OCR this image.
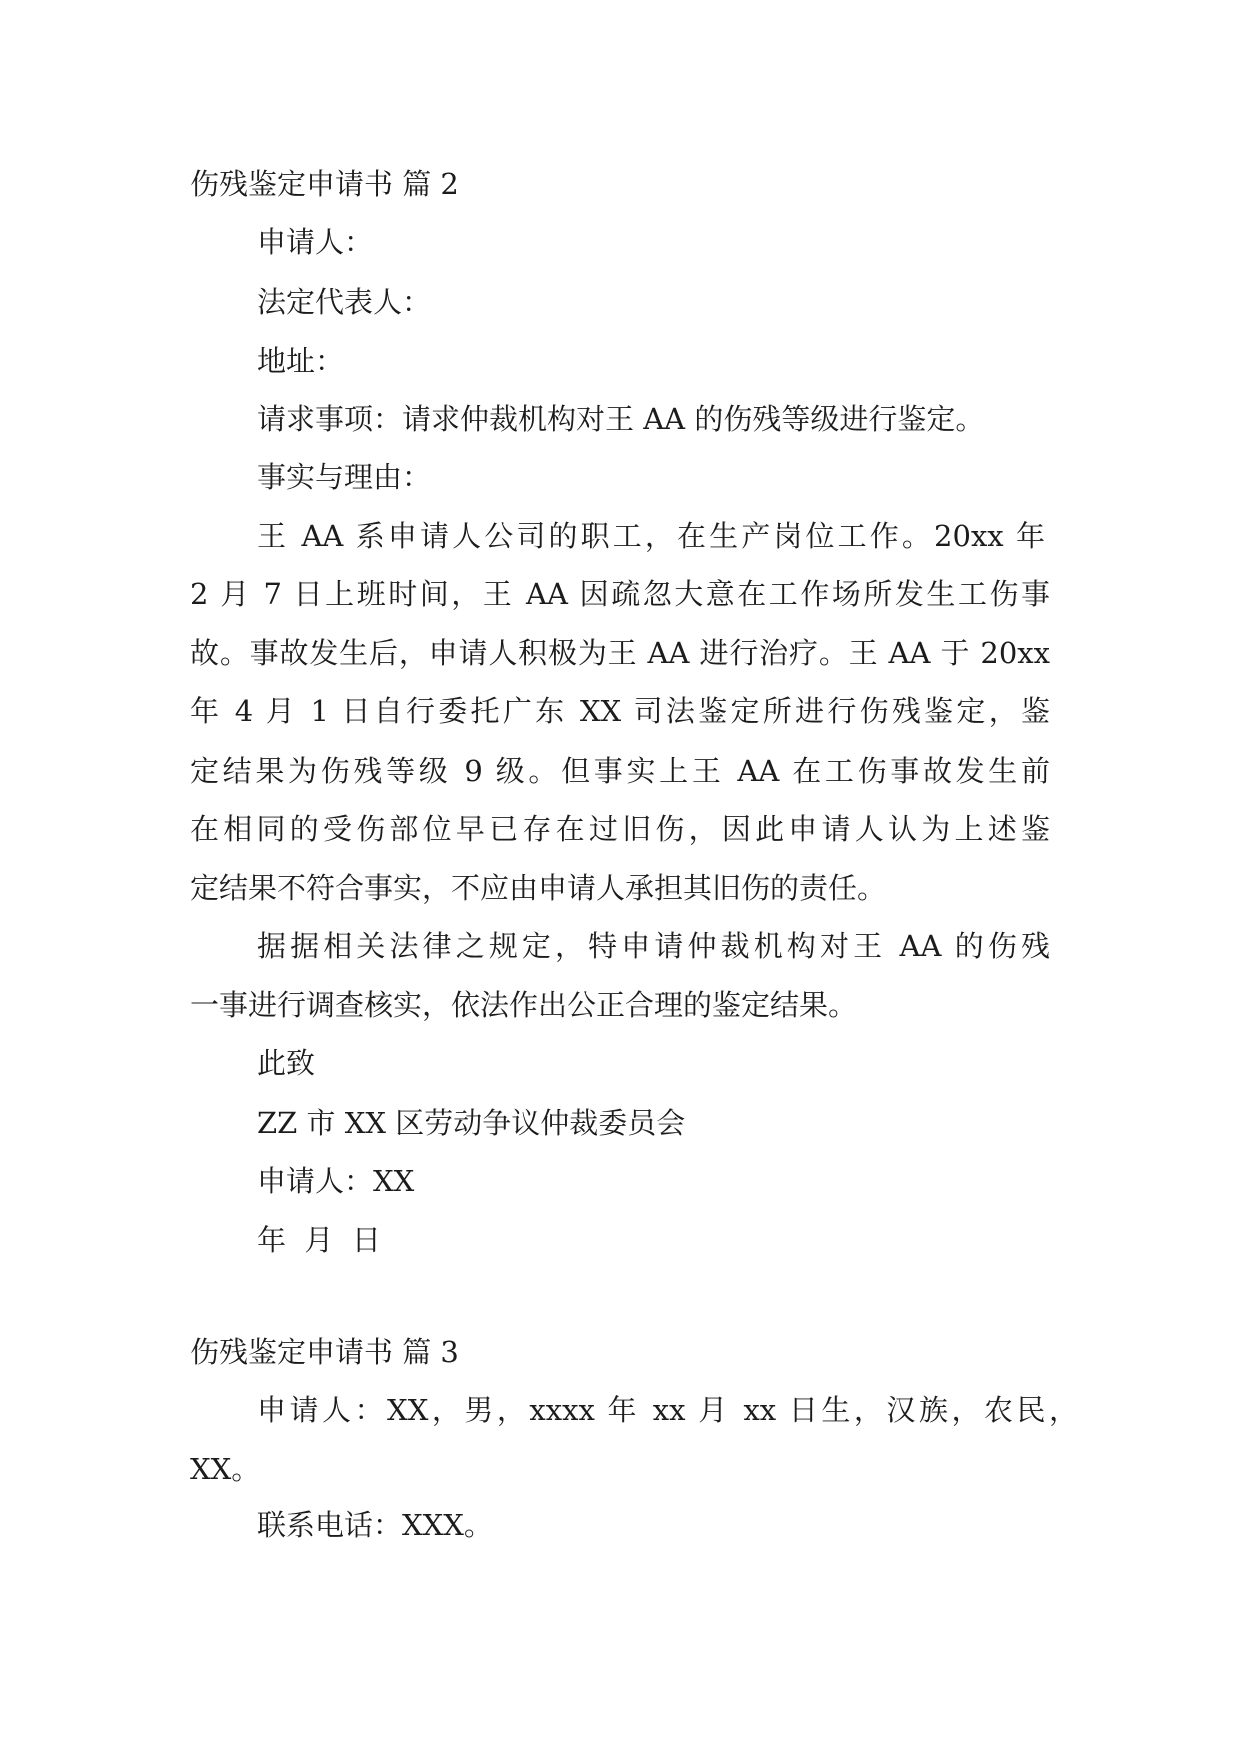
伤残鉴定申请书 篇 2
申请人：
法定代表人：
地址：
请求事项：请求仲裁机构对王 AA 的伤残等级进行鉴定。
事实与理由：
王 AA 系申请人公司的职工，在生产岗位工作。20xx 年
2 月 7 日上班时间，王 AA 因疏忽大意在工作场所发生工伤事
故。事故发生后，申请人积极为王 AA 进行治疗。王 AA 于 20xx
年 4 月 1 日自行委托广东 XX 司法鉴定所进行伤残鉴定，鉴
定结果为伤残等级 9 级。但事实上王 AA 在工伤事故发生前
在相同的受伤部位早已存在过旧伤，因此申请人认为上述鉴
定结果不符合事实，不应由申请人承担其旧伤的责任。
据据相关法律之规定，特申请仲裁机构对王 AA 的伤残
一事进行调查核实，依法作出公正合理的鉴定结果。
此致
ZZ 市 XX 区劳动争议仲裁委员会
申请人：XX
年  月  日
伤残鉴定申请书 篇 3
申请人：XX，男，xxxx 年 xx 月 xx 日生，汉族，农民，
XX。
联系电话：XXX。
